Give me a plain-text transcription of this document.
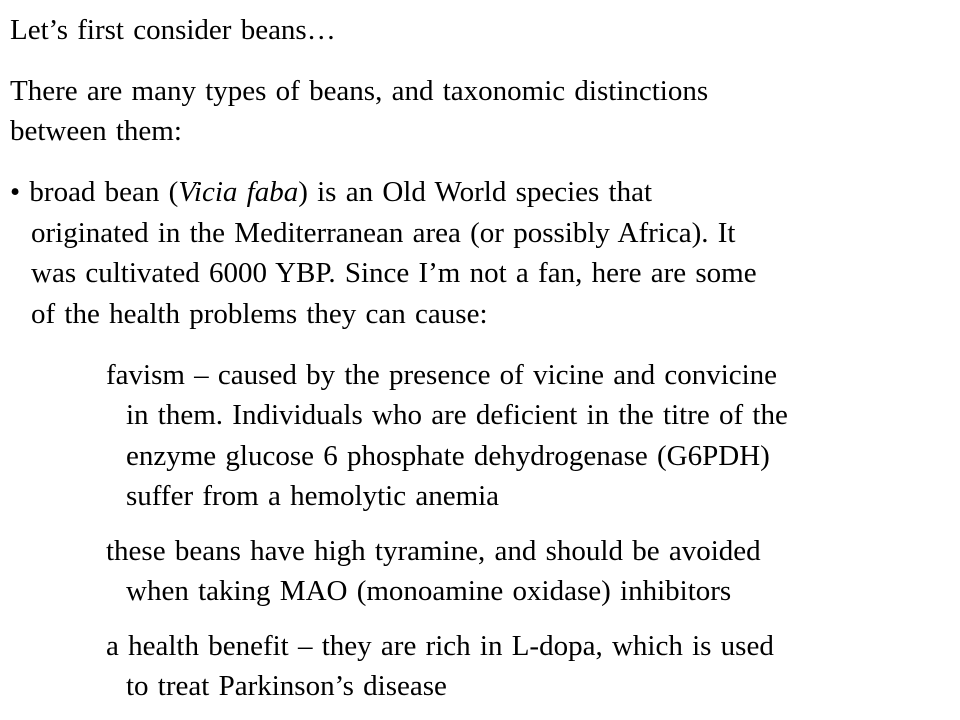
Let’s first consider beans…
There are many types of beans, and taxonomic distinctions
between them:
• broad bean (Vicia faba) is an Old World species that
originated in the Mediterranean area (or possibly Africa). It
was cultivated 6000 YBP. Since I’m not a fan, here are some
of the health problems they can cause:
favism – caused by the presence of vicine and convicine
in them. Individuals who are deficient in the titre of the
enzyme glucose 6 phosphate dehydrogenase (G6PDH)
suffer from a hemolytic anemia
these beans have high tyramine, and should be avoided
when taking MAO (monoamine oxidase) inhibitors
a health benefit – they are rich in L-dopa, which is used
to treat Parkinson’s disease
